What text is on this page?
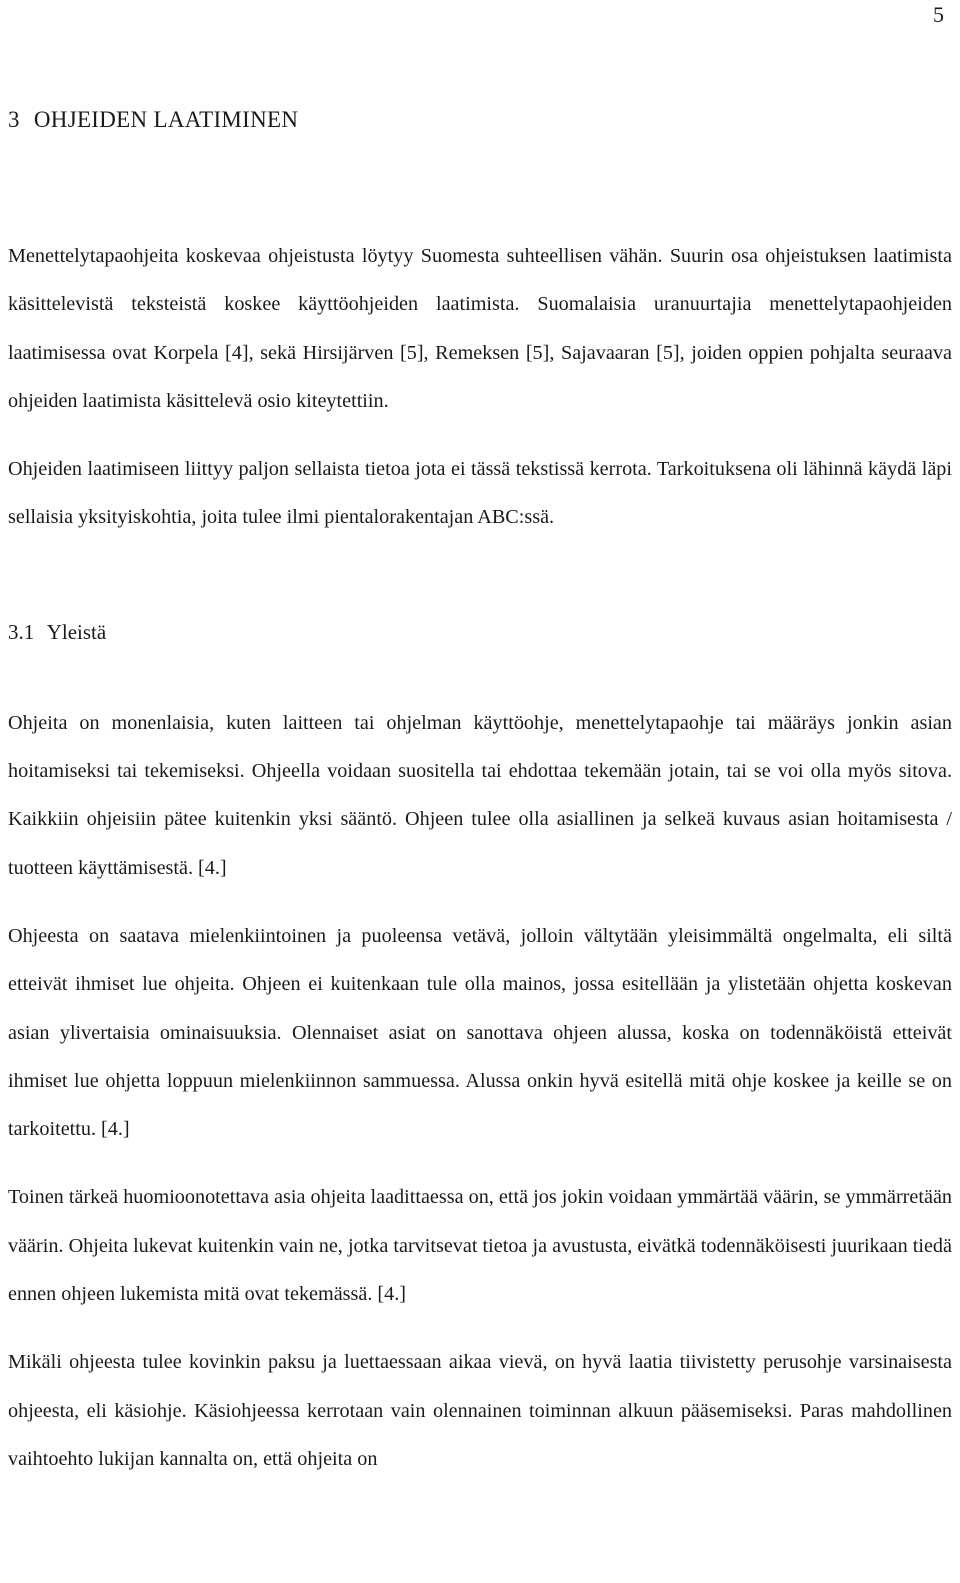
5
3 OHJEIDEN LAATIMINEN

Menettelytapaohjeita koskevaa ohjeistusta löytyy Suomesta suhteellisen vähän. Suurin osa ohjeistuksen laatimista käsittelevistä teksteistä koskee käyttöohjeiden laatimista. Suomalaisia uranuurtajia menettelytapaohjeiden laatimisessa ovat Korpela [4], sekä Hirsijärven [5], Remeksen [5], Sajavaaran [5], joiden oppien pohjalta seuraava ohjeiden laatimista käsittelevä osio kiteytettiin.

Ohjeiden laatimiseen liittyy paljon sellaista tietoa jota ei tässä tekstissä kerrota. Tarkoituksena oli lähinnä käydä läpi sellaisia yksityiskohtia, joita tulee ilmi pientalorakentajan ABC:ssä.

3.1 Yleistä

Ohjeita on monenlaisia, kuten laitteen tai ohjelman käyttöohje, menettelytapaohje tai määräys jonkin asian hoitamiseksi tai tekemiseksi. Ohjeella voidaan suositella tai ehdottaa tekemään jotain, tai se voi olla myös sitova. Kaikkiin ohjeisiin pätee kuitenkin yksi sääntö. Ohjeen tulee olla asiallinen ja selkeä kuvaus asian hoitamisesta / tuotteen käyttämisestä. [4.]

Ohjeesta on saatava mielenkiintoinen ja puoleensa vetävä, jolloin vältytään yleisimmältä ongelmalta, eli siltä etteivät ihmiset lue ohjeita. Ohjeen ei kuitenkaan tule olla mainos, jossa esitellään ja ylistetään ohjetta koskevan asian ylivertaisia ominaisuuksia. Olennaiset asiat on sanottava ohjeen alussa, koska on todennäköistä etteivät ihmiset lue ohjetta loppuun mielenkiinnon sammuessa. Alussa onkin hyvä esitellä mitä ohje koskee ja keille se on tarkoitettu. [4.]

Toinen tärkeä huomioonotettava asia ohjeita laadittaessa on, että jos jokin voidaan ymmärtää väärin, se ymmärretään väärin. Ohjeita lukevat kuitenkin vain ne, jotka tarvitsevat tietoa ja avustusta, eivätkä todennäköisesti juurikaan tiedä ennen ohjeen lukemista mitä ovat tekemässä. [4.]

Mikäli ohjeesta tulee kovinkin paksu ja luettaessaan aikaa vievä, on hyvä laatia tiivistetty perusohje varsinaisesta ohjeesta, eli käsiohje. Käsiohjeessa kerrotaan vain olennainen toiminnan alkuun pääsemiseksi. Paras mahdollinen vaihtoehto lukijan kannalta on, että ohjeita on
